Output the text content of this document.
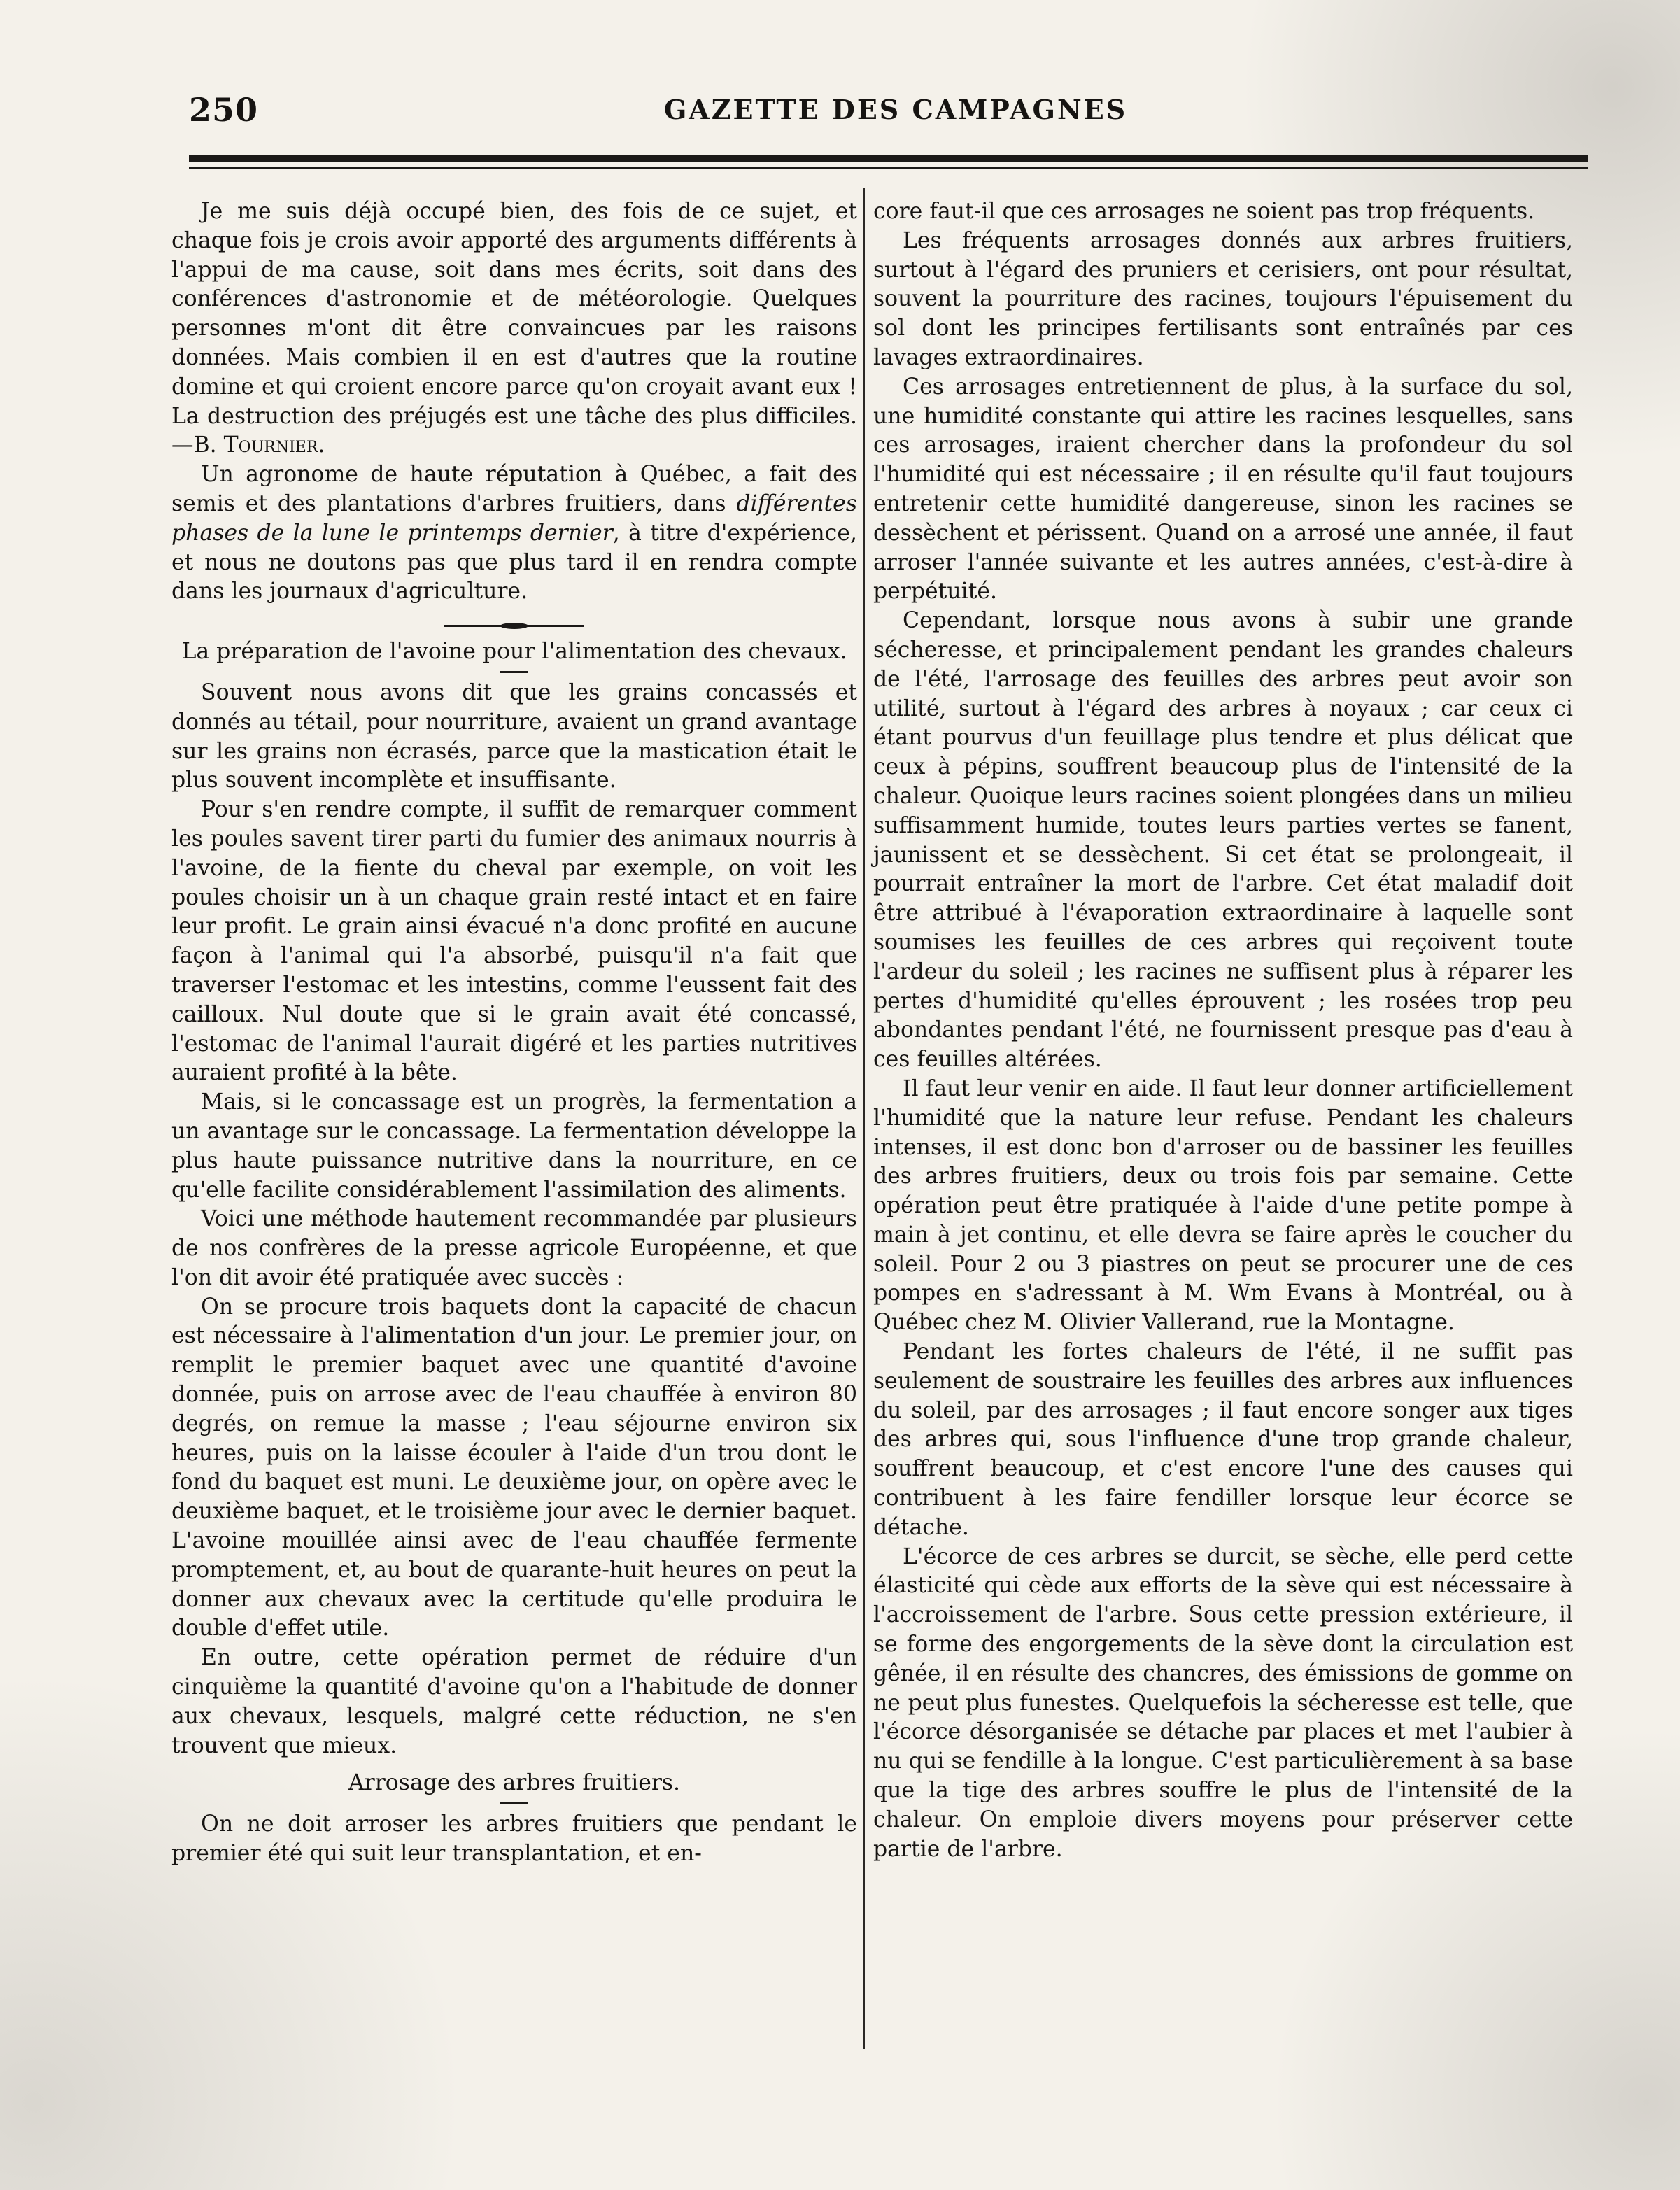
250	GAZETTE DES CAMPAGNES

Je me suis déjà occupé bien, des fois de ce sujet, et chaque fois je crois avoir apporté des arguments différents à l'appui de ma cause, soit dans mes écrits, soit dans des conférences d'astronomie et de météorologie. Quelques personnes m'ont dit être convaincues par les raisons données. Mais combien il en est d'autres que la routine domine et qui croient encore parce qu'on croyait avant eux ! La destruction des préjugés est une tâche des plus difficiles.—B. Tournier.

Un agronome de haute réputation à Québec, a fait des semis et des plantations d'arbres fruitiers, dans différentes phases de la lune le printemps dernier, à titre d'expérience, et nous ne doutons pas que plus tard il en rendra compte dans les journaux d'agriculture.

La préparation de l'avoine pour l'alimentation des chevaux.

Souvent nous avons dit que les grains concassés et donnés au tétail, pour nourriture, avaient un grand avantage sur les grains non écrasés, parce que la mastication était le plus souvent incomplète et insuffisante.

Pour s'en rendre compte, il suffit de remarquer comment les poules savent tirer parti du fumier des animaux nourris à l'avoine, de la fiente du cheval par exemple, on voit les poules choisir un à un chaque grain resté intact et en faire leur profit. Le grain ainsi évacué n'a donc profité en aucune façon à l'animal qui l'a absorbé, puisqu'il n'a fait que traverser l'estomac et les intestins, comme l'eussent fait des cailloux. Nul doute que si le grain avait été concassé, l'estomac de l'animal l'aurait digéré et les parties nutritives auraient profité à la bête.

Mais, si le concassage est un progrès, la fermentation a un avantage sur le concassage. La fermentation développe la plus haute puissance nutritive dans la nourriture, en ce qu'elle facilite considérablement l'assimilation des aliments.

Voici une méthode hautement recommandée par plusieurs de nos confrères de la presse agricole Européenne, et que l'on dit avoir été pratiquée avec succès :

On se procure trois baquets dont la capacité de chacun est nécessaire à l'alimentation d'un jour. Le premier jour, on remplit le premier baquet avec une quantité d'avoine donnée, puis on arrose avec de l'eau chauffée à environ 80 degrés, on remue la masse ; l'eau séjourne environ six heures, puis on la laisse écouler à l'aide d'un trou dont le fond du baquet est muni. Le deuxième jour, on opère avec le deuxième baquet, et le troisième jour avec le dernier baquet. L'avoine mouillée ainsi avec de l'eau chauffée fermente promptement, et, au bout de quarante-huit heures on peut la donner aux chevaux avec la certitude qu'elle produira le double d'effet utile.

En outre, cette opération permet de réduire d'un cinquième la quantité d'avoine qu'on a l'habitude de donner aux chevaux, lesquels, malgré cette réduction, ne s'en trouvent que mieux.

Arrosage des arbres fruitiers.

On ne doit arroser les arbres fruitiers que pendant le premier été qui suit leur transplantation, et en-

core faut-il que ces arrosages ne soient pas trop fréquents.

Les fréquents arrosages donnés aux arbres fruitiers, surtout à l'égard des pruniers et cerisiers, ont pour résultat, souvent la pourriture des racines, toujours l'épuisement du sol dont les principes fertilisants sont entraînés par ces lavages extraordinaires.

Ces arrosages entretiennent de plus, à la surface du sol, une humidité constante qui attire les racines lesquelles, sans ces arrosages, iraient chercher dans la profondeur du sol l'humidité qui est nécessaire ; il en résulte qu'il faut toujours entretenir cette humidité dangereuse, sinon les racines se dessèchent et périssent. Quand on a arrosé une année, il faut arroser l'année suivante et les autres années, c'est-à-dire à perpétuité.

Cependant, lorsque nous avons à subir une grande sécheresse, et principalement pendant les grandes chaleurs de l'été, l'arrosage des feuilles des arbres peut avoir son utilité, surtout à l'égard des arbres à noyaux ; car ceux ci étant pourvus d'un feuillage plus tendre et plus délicat que ceux à pépins, souffrent beaucoup plus de l'intensité de la chaleur. Quoique leurs racines soient plongées dans un milieu suffisamment humide, toutes leurs parties vertes se fanent, jaunissent et se dessèchent. Si cet état se prolongeait, il pourrait entraîner la mort de l'arbre. Cet état maladif doit être attribué à l'évaporation extraordinaire à laquelle sont soumises les feuilles de ces arbres qui reçoivent toute l'ardeur du soleil ; les racines ne suffisent plus à réparer les pertes d'humidité qu'elles éprouvent ; les rosées trop peu abondantes pendant l'été, ne fournissent presque pas d'eau à ces feuilles altérées.

Il faut leur venir en aide. Il faut leur donner artificiellement l'humidité que la nature leur refuse. Pendant les chaleurs intenses, il est donc bon d'arroser ou de bassiner les feuilles des arbres fruitiers, deux ou trois fois par semaine. Cette opération peut être pratiquée à l'aide d'une petite pompe à main à jet continu, et elle devra se faire après le coucher du soleil. Pour 2 ou 3 piastres on peut se procurer une de ces pompes en s'adressant à M. Wm Evans à Montréal, ou à Québec chez M. Olivier Vallerand, rue la Montagne.

Pendant les fortes chaleurs de l'été, il ne suffit pas seulement de soustraire les feuilles des arbres aux influences du soleil, par des arrosages ; il faut encore songer aux tiges des arbres qui, sous l'influence d'une trop grande chaleur, souffrent beaucoup, et c'est encore l'une des causes qui contribuent à les faire fendiller lorsque leur écorce se détache.

L'écorce de ces arbres se durcit, se sèche, elle perd cette élasticité qui cède aux efforts de la sève qui est nécessaire à l'accroissement de l'arbre. Sous cette pression extérieure, il se forme des engorgements de la sève dont la circulation est gênée, il en résulte des chancres, des émissions de gomme on ne peut plus funestes. Quelquefois la sécheresse est telle, que l'écorce désorganisée se détache par places et met l'aubier à nu qui se fendille à la longue. C'est particulièrement à sa base que la tige des arbres souffre le plus de l'intensité de la chaleur. On emploie divers moyens pour préserver cette partie de l'arbre.
